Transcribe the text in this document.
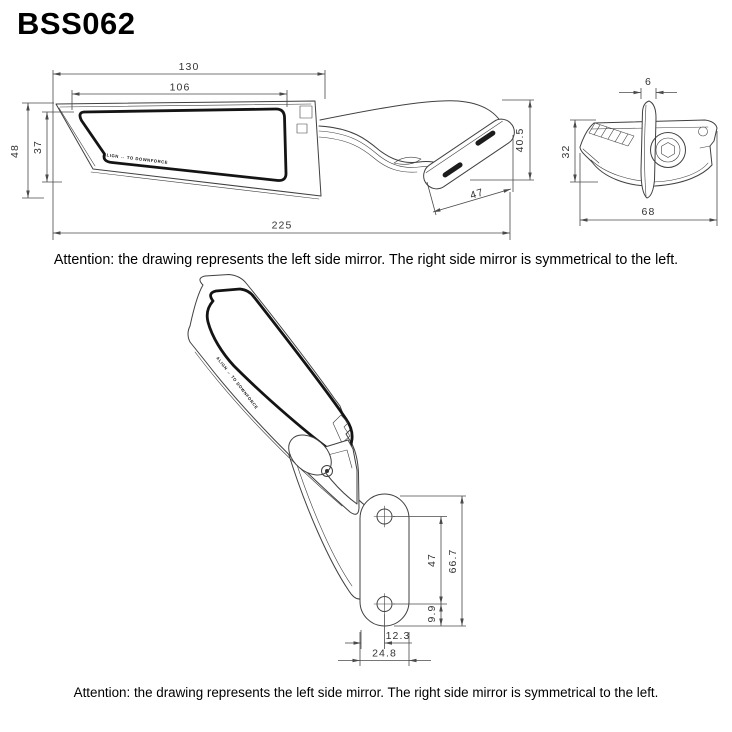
BSS062
ALIGN ↔ TO DOWNFORCE
130
106
48 37
225
40.5
47
6
32
68
ALIGN ↔ TO DOWNFORCE
66.7
47
9.9
12.3
24.8
Attention: the drawing represents the left side mirror. The right side mirror is symmetrical to the left.
Attention: the drawing represents the left side mirror. The right side mirror is symmetrical to the left.
